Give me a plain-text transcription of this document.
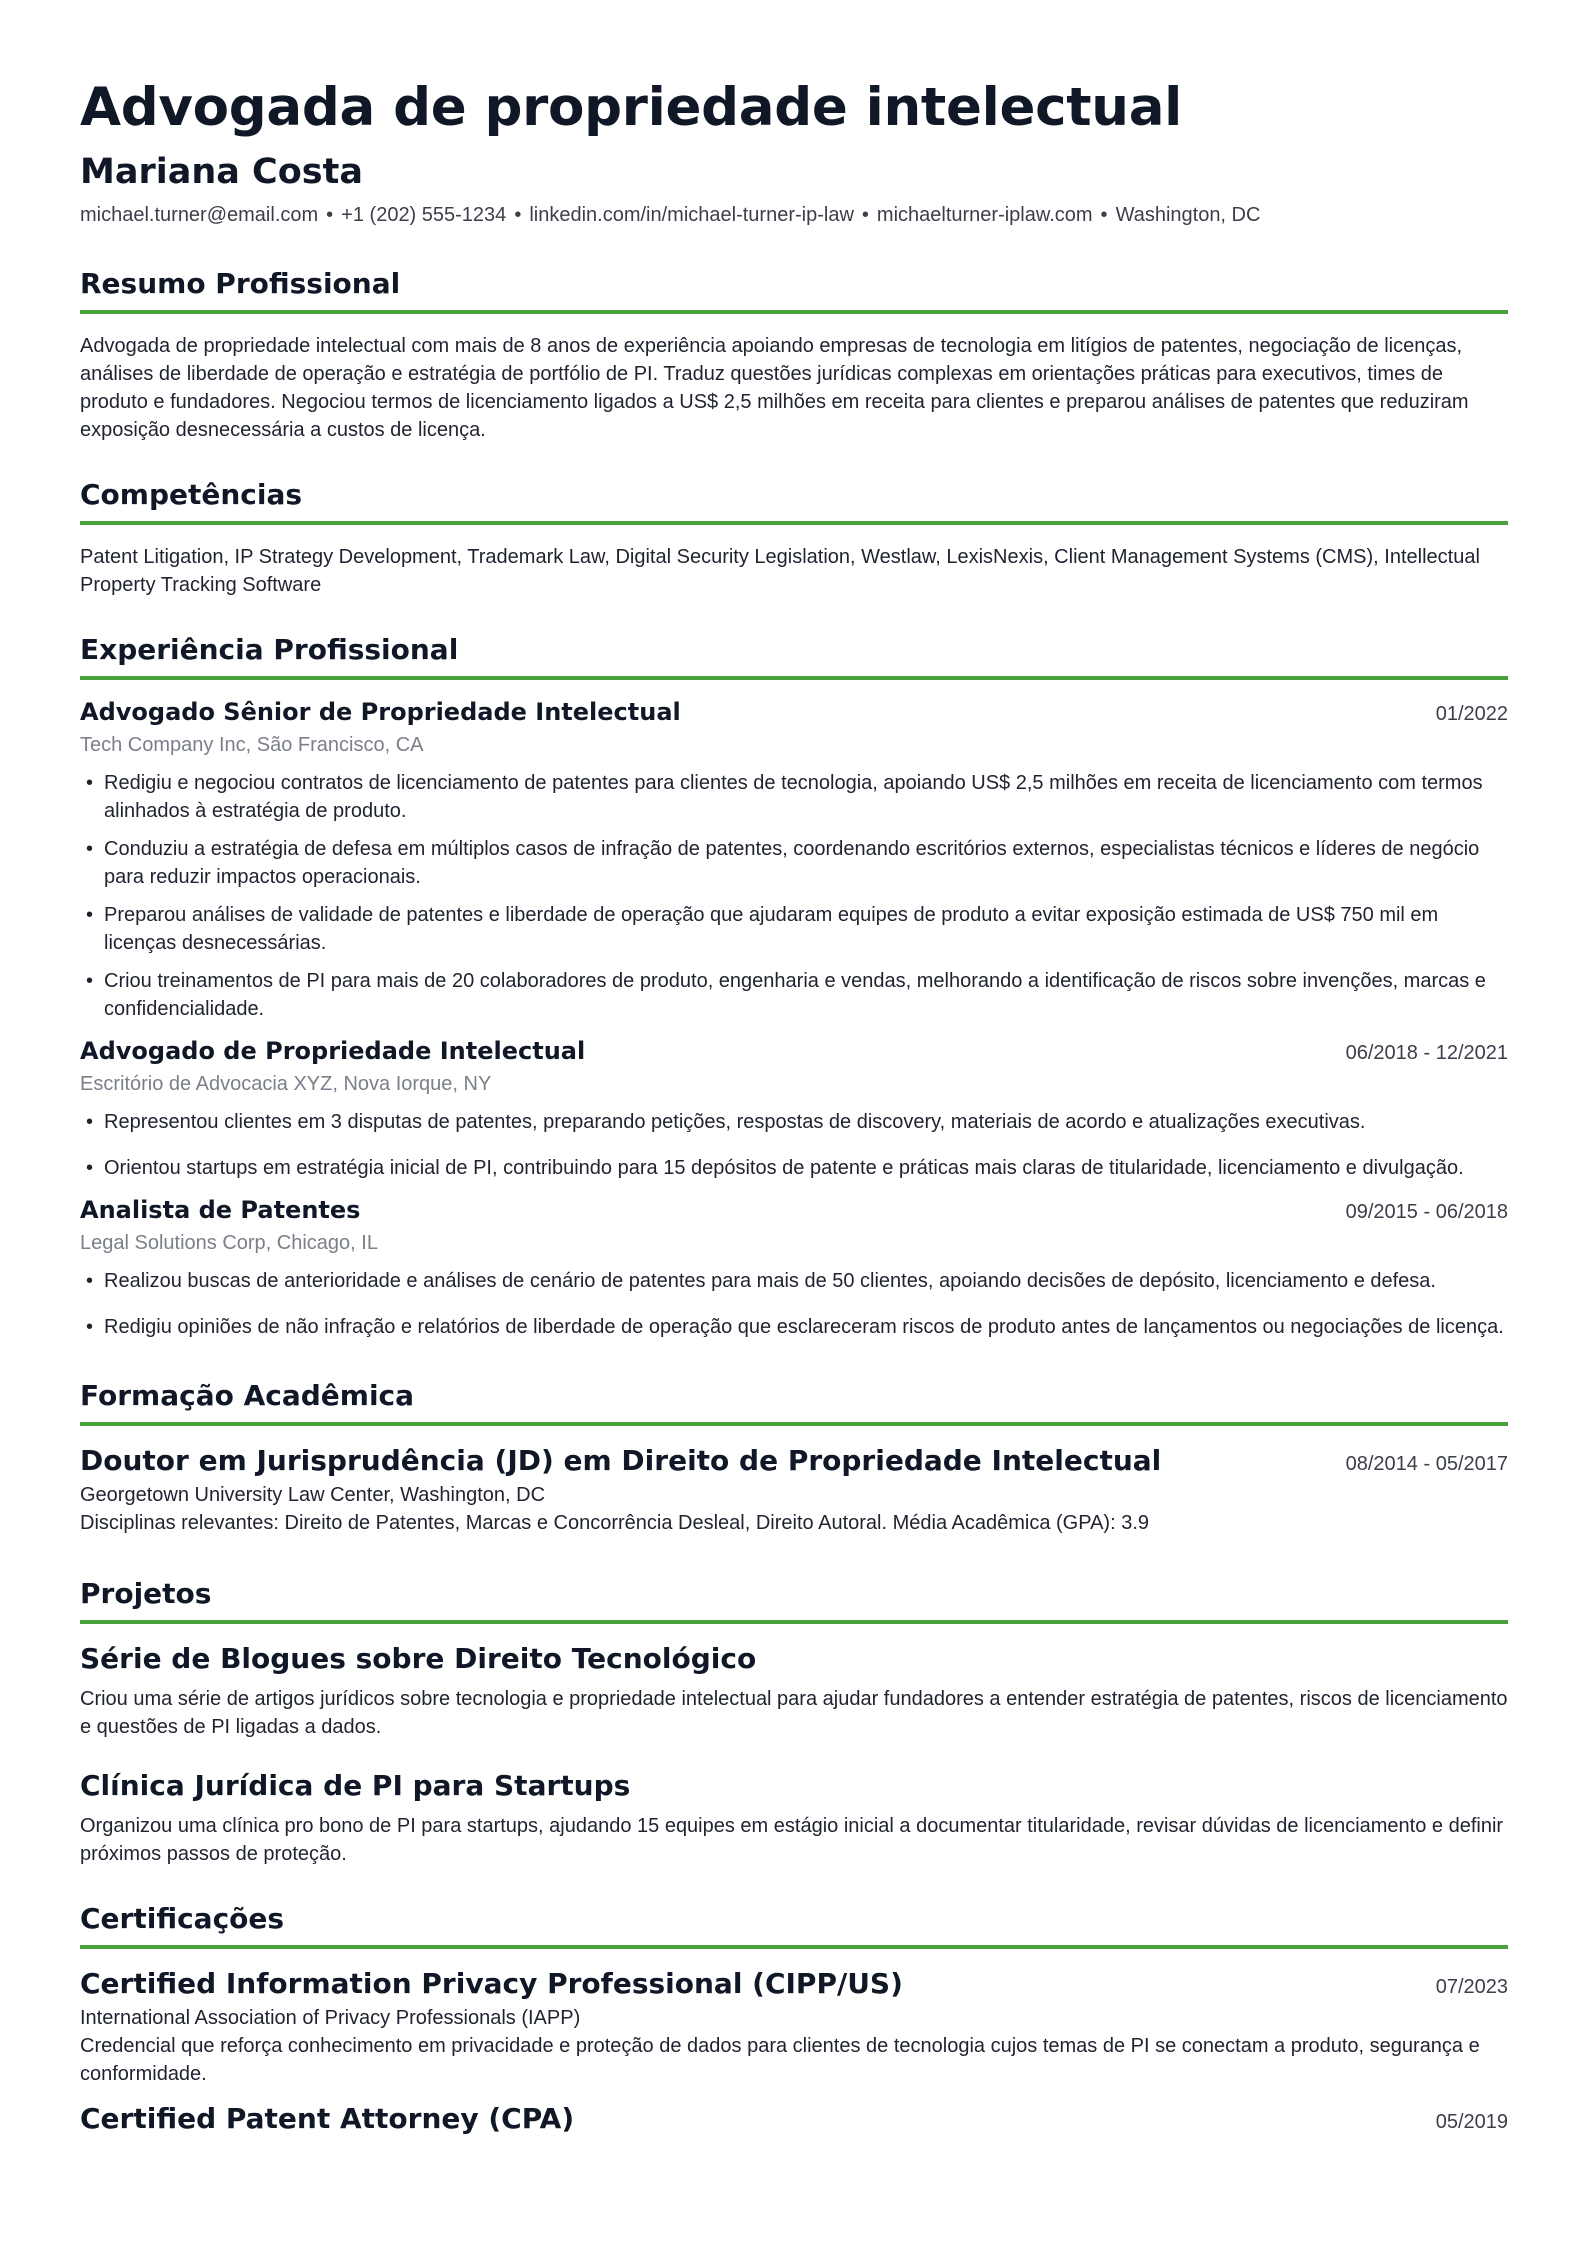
Advogada de propriedade intelectual
Mariana Costa
michael.turner@email.com • +1 (202) 555-1234 • linkedin.com/in/michael-turner-ip-law • michaelturner-iplaw.com • Washington, DC
Resumo Profissional

Advogada de propriedade intelectual com mais de 8 anos de experiência apoiando empresas de tecnologia em litígios de patentes, negociação de licenças, análises de liberdade de operação e estratégia de portfólio de PI. Traduz questões jurídicas complexas em orientações práticas para executivos, times de produto e fundadores. Negociou termos de licenciamento ligados a US$ 2,5 milhões em receita para clientes e preparou análises de patentes que reduziram exposição desnecessária a custos de licença.

Competências

Patent Litigation, IP Strategy Development, Trademark Law, Digital Security Legislation, Westlaw, LexisNexis, Client Management Systems (CMS), Intellectual Property Tracking Software

Experiência Profissional
Advogado Sênior de Propriedade Intelectual	01/2022
Tech Company Inc, São Francisco, CA
• Redigiu e negociou contratos de licenciamento de patentes para clientes de tecnologia, apoiando US$ 2,5 milhões em receita de licenciamento com termos alinhados à estratégia de produto.
• Conduziu a estratégia de defesa em múltiplos casos de infração de patentes, coordenando escritórios externos, especialistas técnicos e líderes de negócio para reduzir impactos operacionais.
• Preparou análises de validade de patentes e liberdade de operação que ajudaram equipes de produto a evitar exposição estimada de US$ 750 mil em licenças desnecessárias.
• Criou treinamentos de PI para mais de 20 colaboradores de produto, engenharia e vendas, melhorando a identificação de riscos sobre invenções, marcas e confidencialidade.
Advogado de Propriedade Intelectual	06/2018 - 12/2021
Escritório de Advocacia XYZ, Nova Iorque, NY
• Representou clientes em 3 disputas de patentes, preparando petições, respostas de discovery, materiais de acordo e atualizações executivas.
• Orientou startups em estratégia inicial de PI, contribuindo para 15 depósitos de patente e práticas mais claras de titularidade, licenciamento e divulgação.
Analista de Patentes	09/2015 - 06/2018
Legal Solutions Corp, Chicago, IL
• Realizou buscas de anterioridade e análises de cenário de patentes para mais de 50 clientes, apoiando decisões de depósito, licenciamento e defesa.
• Redigiu opiniões de não infração e relatórios de liberdade de operação que esclareceram riscos de produto antes de lançamentos ou negociações de licença.
Formação Acadêmica
Doutor em Jurisprudência (JD) em Direito de Propriedade Intelectual	08/2014 - 05/2017
Georgetown University Law Center, Washington, DC
Disciplinas relevantes: Direito de Patentes, Marcas e Concorrência Desleal, Direito Autoral. Média Acadêmica (GPA): 3.9
Projetos
Série de Blogues sobre Direito Tecnológico

Criou uma série de artigos jurídicos sobre tecnologia e propriedade intelectual para ajudar fundadores a entender estratégia de patentes, riscos de licenciamento e questões de PI ligadas a dados.

Clínica Jurídica de PI para Startups

Organizou uma clínica pro bono de PI para startups, ajudando 15 equipes em estágio inicial a documentar titularidade, revisar dúvidas de licenciamento e definir próximos passos de proteção.

Certificações
Certified Information Privacy Professional (CIPP/US)	07/2023
International Association of Privacy Professionals (IAPP)
Credencial que reforça conhecimento em privacidade e proteção de dados para clientes de tecnologia cujos temas de PI se conectam a produto, segurança e conformidade.
Certified Patent Attorney (CPA)	05/2019
